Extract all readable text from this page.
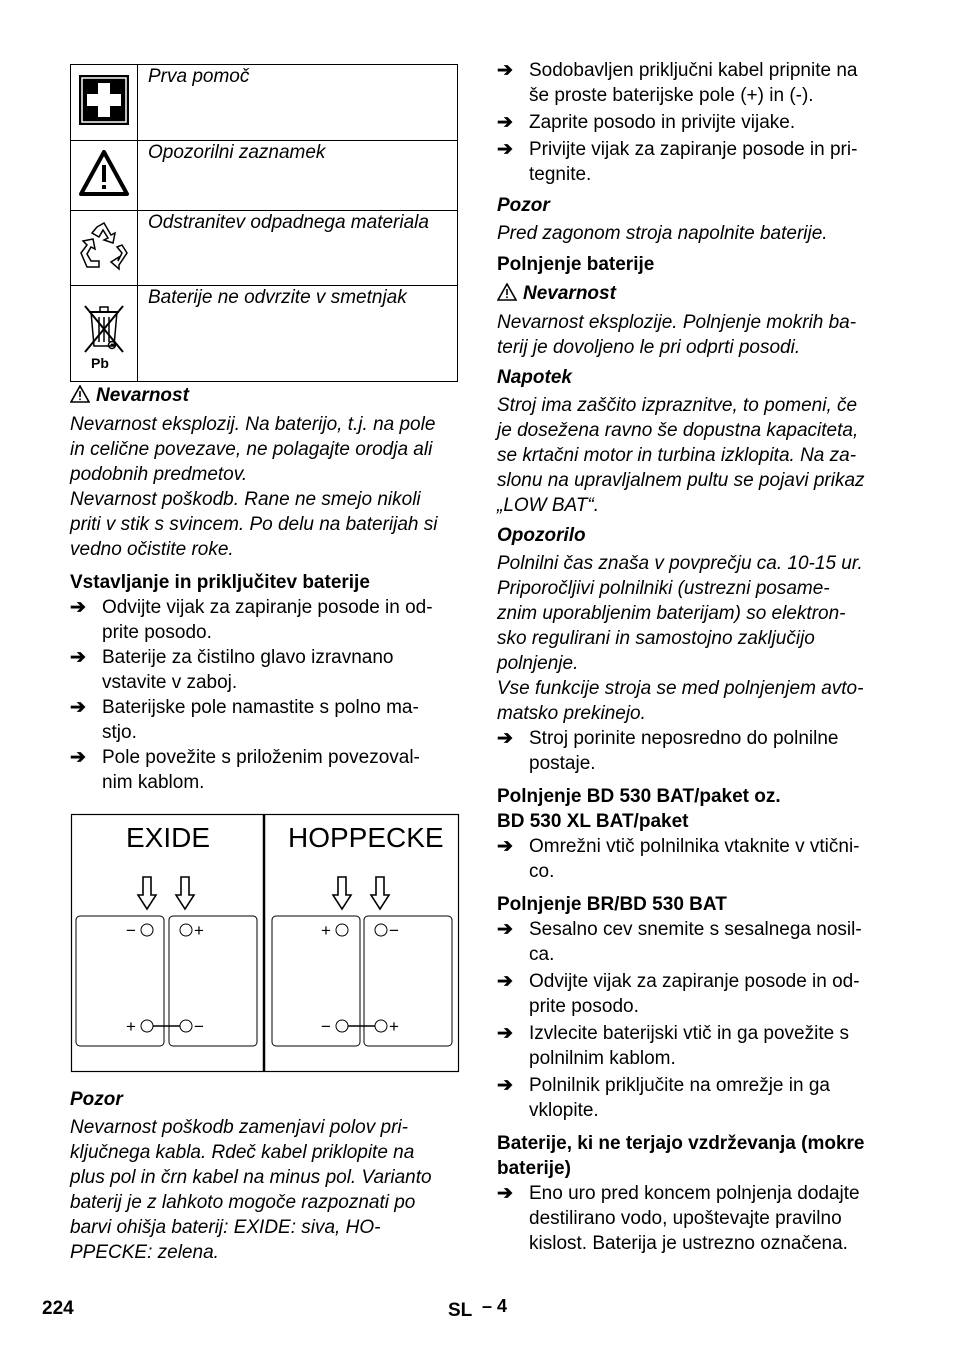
	Prva pomoč
	Opozorilni zaznamek
	Odstranitev odpadnega materiala

Pb	Baterije ne odvrzite v smetnjak

Nevarnost

Nevarnost eksplozij. Na baterijo, t.j. na pole

in celične povezave, ne polagajte orodja ali

podobnih predmetov.

Nevarnost poškodb. Rane ne smejo nikoli

priti v stik s svincem. Po delu na baterijah si

vedno očistite roke.

Vstavljanje in priključitev baterije

➔ Odvijte vijak za zapiranje posode in od-
prite posodo.
➔ Baterije za čistilno glavo izravnano
vstavite v zaboj.
➔ Baterijske pole namastite s polno ma-
stjo.
➔ Pole povežite s priloženim povezoval-
nim kablom.
EXIDE	HOPPECKE
−	+
+	−
+	−
−	+

Pozor

Nevarnost poškodb zamenjavi polov pri-

ključnega kabla. Rdeč kabel priklopite na

plus pol in črn kabel na minus pol. Varianto

baterij je z lahkoto mogoče razpoznati po

barvi ohišja baterij: EXIDE: siva, HO-

PPECKE: zelena.

➔ Sodobavljen priključni kabel pripnite na
še proste baterijske pole (+) in (-).
➔ Zaprite posodo in privijte vijake.
➔ Privijte vijak za zapiranje posode in pri-
tegnite.

Pozor

Pred zagonom stroja napolnite baterije.

Polnjenje baterije

Nevarnost

Nevarnost eksplozije. Polnjenje mokrih ba-

terij je dovoljeno le pri odprti posodi.

Napotek

Stroj ima zaščito izpraznitve, to pomeni, če

je dosežena ravno še dopustna kapaciteta,

se krtačni motor in turbina izklopita. Na za-

slonu na upravljalnem pultu se pojavi prikaz

„LOW BAT“.

Opozorilo

Polnilni čas znaša v povprečju ca. 10-15 ur.

Priporočljivi polnilniki (ustrezni posame-

znim uporabljenim baterijam) so elektron-

sko regulirani in samostojno zaključijo

polnjenje.

Vse funkcije stroja se med polnjenjem avto-

matsko prekinejo.

➔ Stroj porinite neposredno do polnilne
postaje.

Polnjenje BD 530 BAT/paket oz.

BD 530 XL BAT/paket

➔ Omrežni vtič polnilnika vtaknite v vtični-
co.

Polnjenje BR/BD 530 BAT

➔ Sesalno cev snemite s sesalnega nosil-
ca.
➔ Odvijte vijak za zapiranje posode in od-
prite posodo.
➔ Izvlecite baterijski vtič in ga povežite s
polnilnim kablom.
➔ Polnilnik priključite na omrežje in ga
vklopite.

Baterije, ki ne terjajo vzdrževanja (mokre

baterije)

➔ Eno uro pred koncem polnjenja dodajte
destilirano vodo, upoštevajte pravilno
kislost. Baterija je ustrezno označena.
224	SL – 4
